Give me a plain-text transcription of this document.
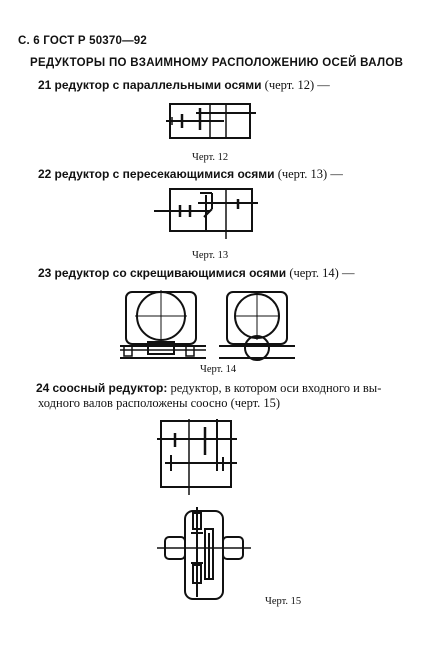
С. 6 ГОСТ Р 50370—92
РЕДУКТОРЫ ПО ВЗАИМНОМУ РАСПОЛОЖЕНИЮ ОСЕЙ ВАЛОВ
21 редуктор с параллельными осями (черт. 12) —
Черт. 12
22 редуктор с пересекающимися осями (черт. 13) —
Черт. 13
23 редуктор со скрещивающимися осями (черт. 14) —
Черт. 14
24 соосный редуктор: редуктор, в котором оси входного и вы-
ходного валов расположены соосно (черт. 15)
Черт. 15
